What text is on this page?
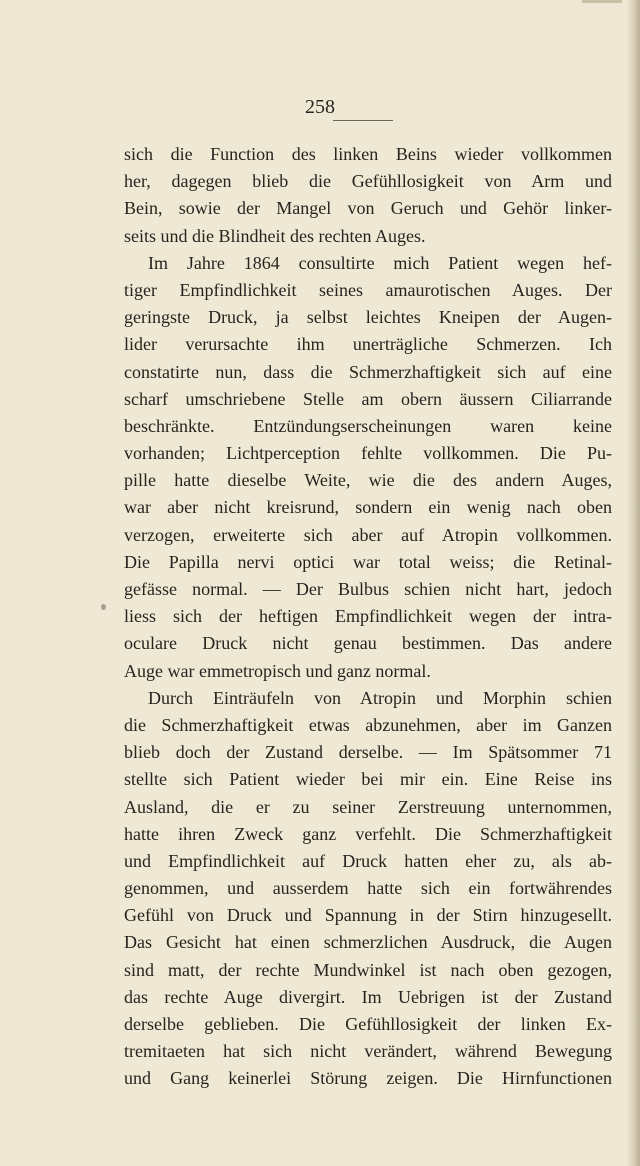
258
sich die Function des linken Beins wieder vollkommen
her, dagegen blieb die Gefühllosigkeit von Arm und
Bein, sowie der Mangel von Geruch und Gehör linker-
seits und die Blindheit des rechten Auges.
Im Jahre 1864 consultirte mich Patient wegen hef-
tiger Empfindlichkeit seines amaurotischen Auges. Der
geringste Druck, ja selbst leichtes Kneipen der Augen-
lider verursachte ihm unerträgliche Schmerzen. Ich
constatirte nun, dass die Schmerzhaftigkeit sich auf eine
scharf umschriebene Stelle am obern äussern Ciliarrande
beschränkte. Entzündungserscheinungen waren keine
vorhanden; Lichtperception fehlte vollkommen. Die Pu-
pille hatte dieselbe Weite, wie die des andern Auges,
war aber nicht kreisrund, sondern ein wenig nach oben
verzogen, erweiterte sich aber auf Atropin vollkommen.
Die Papilla nervi optici war total weiss; die Retinal-
gefässe normal. — Der Bulbus schien nicht hart, jedoch
liess sich der heftigen Empfindlichkeit wegen der intra-
oculare Druck nicht genau bestimmen. Das andere
Auge war emmetropisch und ganz normal.
Durch Einträufeln von Atropin und Morphin schien
die Schmerzhaftigkeit etwas abzunehmen, aber im Ganzen
blieb doch der Zustand derselbe. — Im Spätsommer 71
stellte sich Patient wieder bei mir ein. Eine Reise ins
Ausland, die er zu seiner Zerstreuung unternommen,
hatte ihren Zweck ganz verfehlt. Die Schmerzhaftigkeit
und Empfindlichkeit auf Druck hatten eher zu, als ab-
genommen, und ausserdem hatte sich ein fortwährendes
Gefühl von Druck und Spannung in der Stirn hinzugesellt.
Das Gesicht hat einen schmerzlichen Ausdruck, die Augen
sind matt, der rechte Mundwinkel ist nach oben gezogen,
das rechte Auge divergirt. Im Uebrigen ist der Zustand
derselbe geblieben. Die Gefühllosigkeit der linken Ex-
tremitaeten hat sich nicht verändert, während Bewegung
und Gang keinerlei Störung zeigen. Die Hirnfunctionen
